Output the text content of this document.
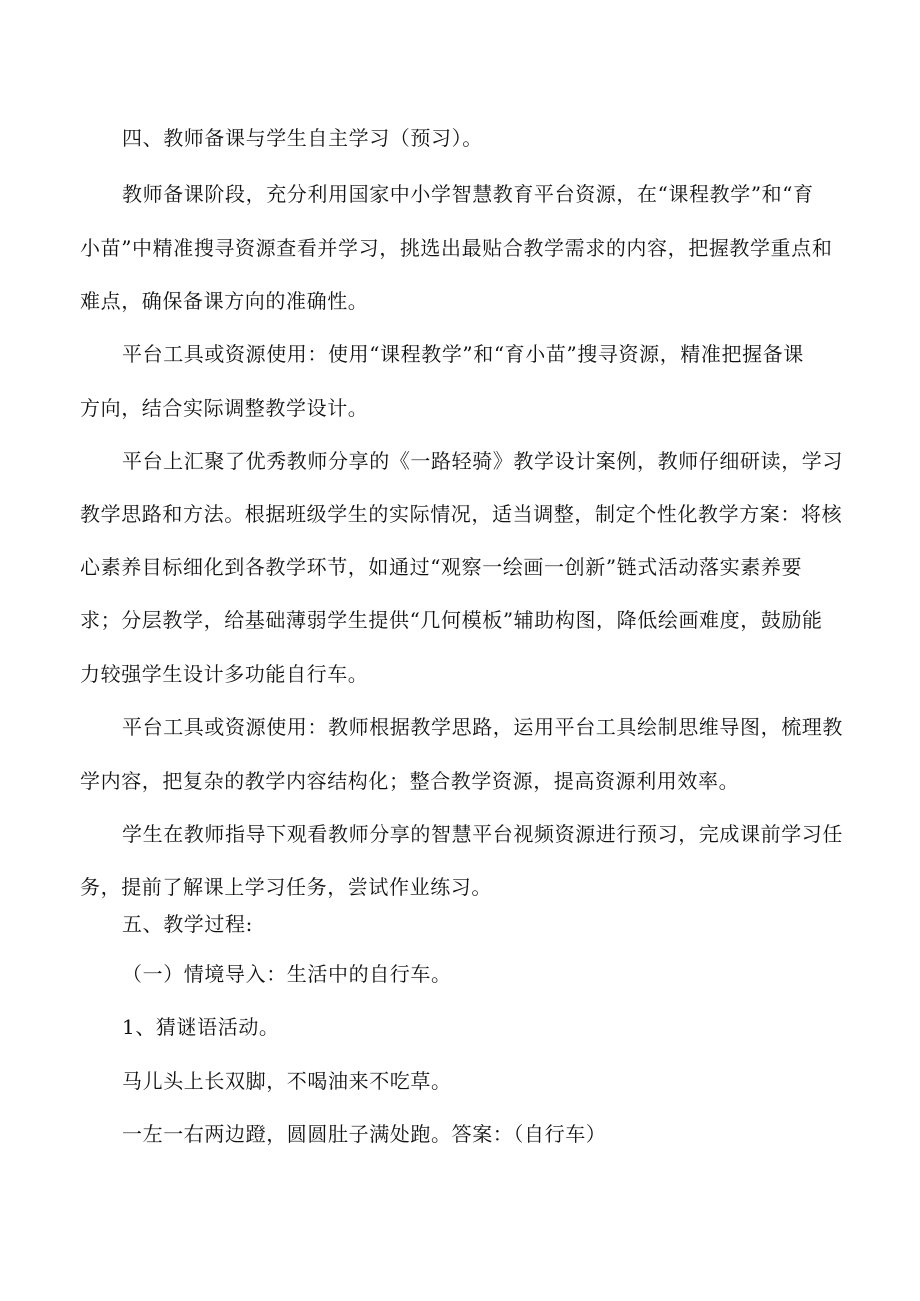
四、教师备课与学生自主学习（预习）。
教师备课阶段，充分利用国家中小学智慧教育平台资源，在“课程教学”和“育
小苗”中精准搜寻资源查看并学习，挑选出最贴合教学需求的内容，把握教学重点和
难点，确保备课方向的准确性。
平台工具或资源使用：使用“课程教学”和“育小苗”搜寻资源，精准把握备课
方向，结合实际调整教学设计。
平台上汇聚了优秀教师分享的《一路轻骑》教学设计案例，教师仔细研读，学习
教学思路和方法。根据班级学生的实际情况，适当调整，制定个性化教学方案：将核
心素养目标细化到各教学环节，如通过“观察一绘画一创新”链式活动落实素养要
求；分层教学，给基础薄弱学生提供“几何模板”辅助构图，降低绘画难度，鼓励能
力较强学生设计多功能自行车。
平台工具或资源使用：教师根据教学思路，运用平台工具绘制思维导图，梳理教
学内容，把复杂的教学内容结构化；整合教学资源，提高资源利用效率。
学生在教师指导下观看教师分享的智慧平台视频资源进行预习，完成课前学习任
务，提前了解课上学习任务，尝试作业练习。
五、教学过程:
（一）情境导入：生活中的自行车。
1、猜谜语活动。
马儿头上长双脚，不喝油来不吃草。
一左一右两边蹬，圆圆肚子满处跑。答案：（自行车）
